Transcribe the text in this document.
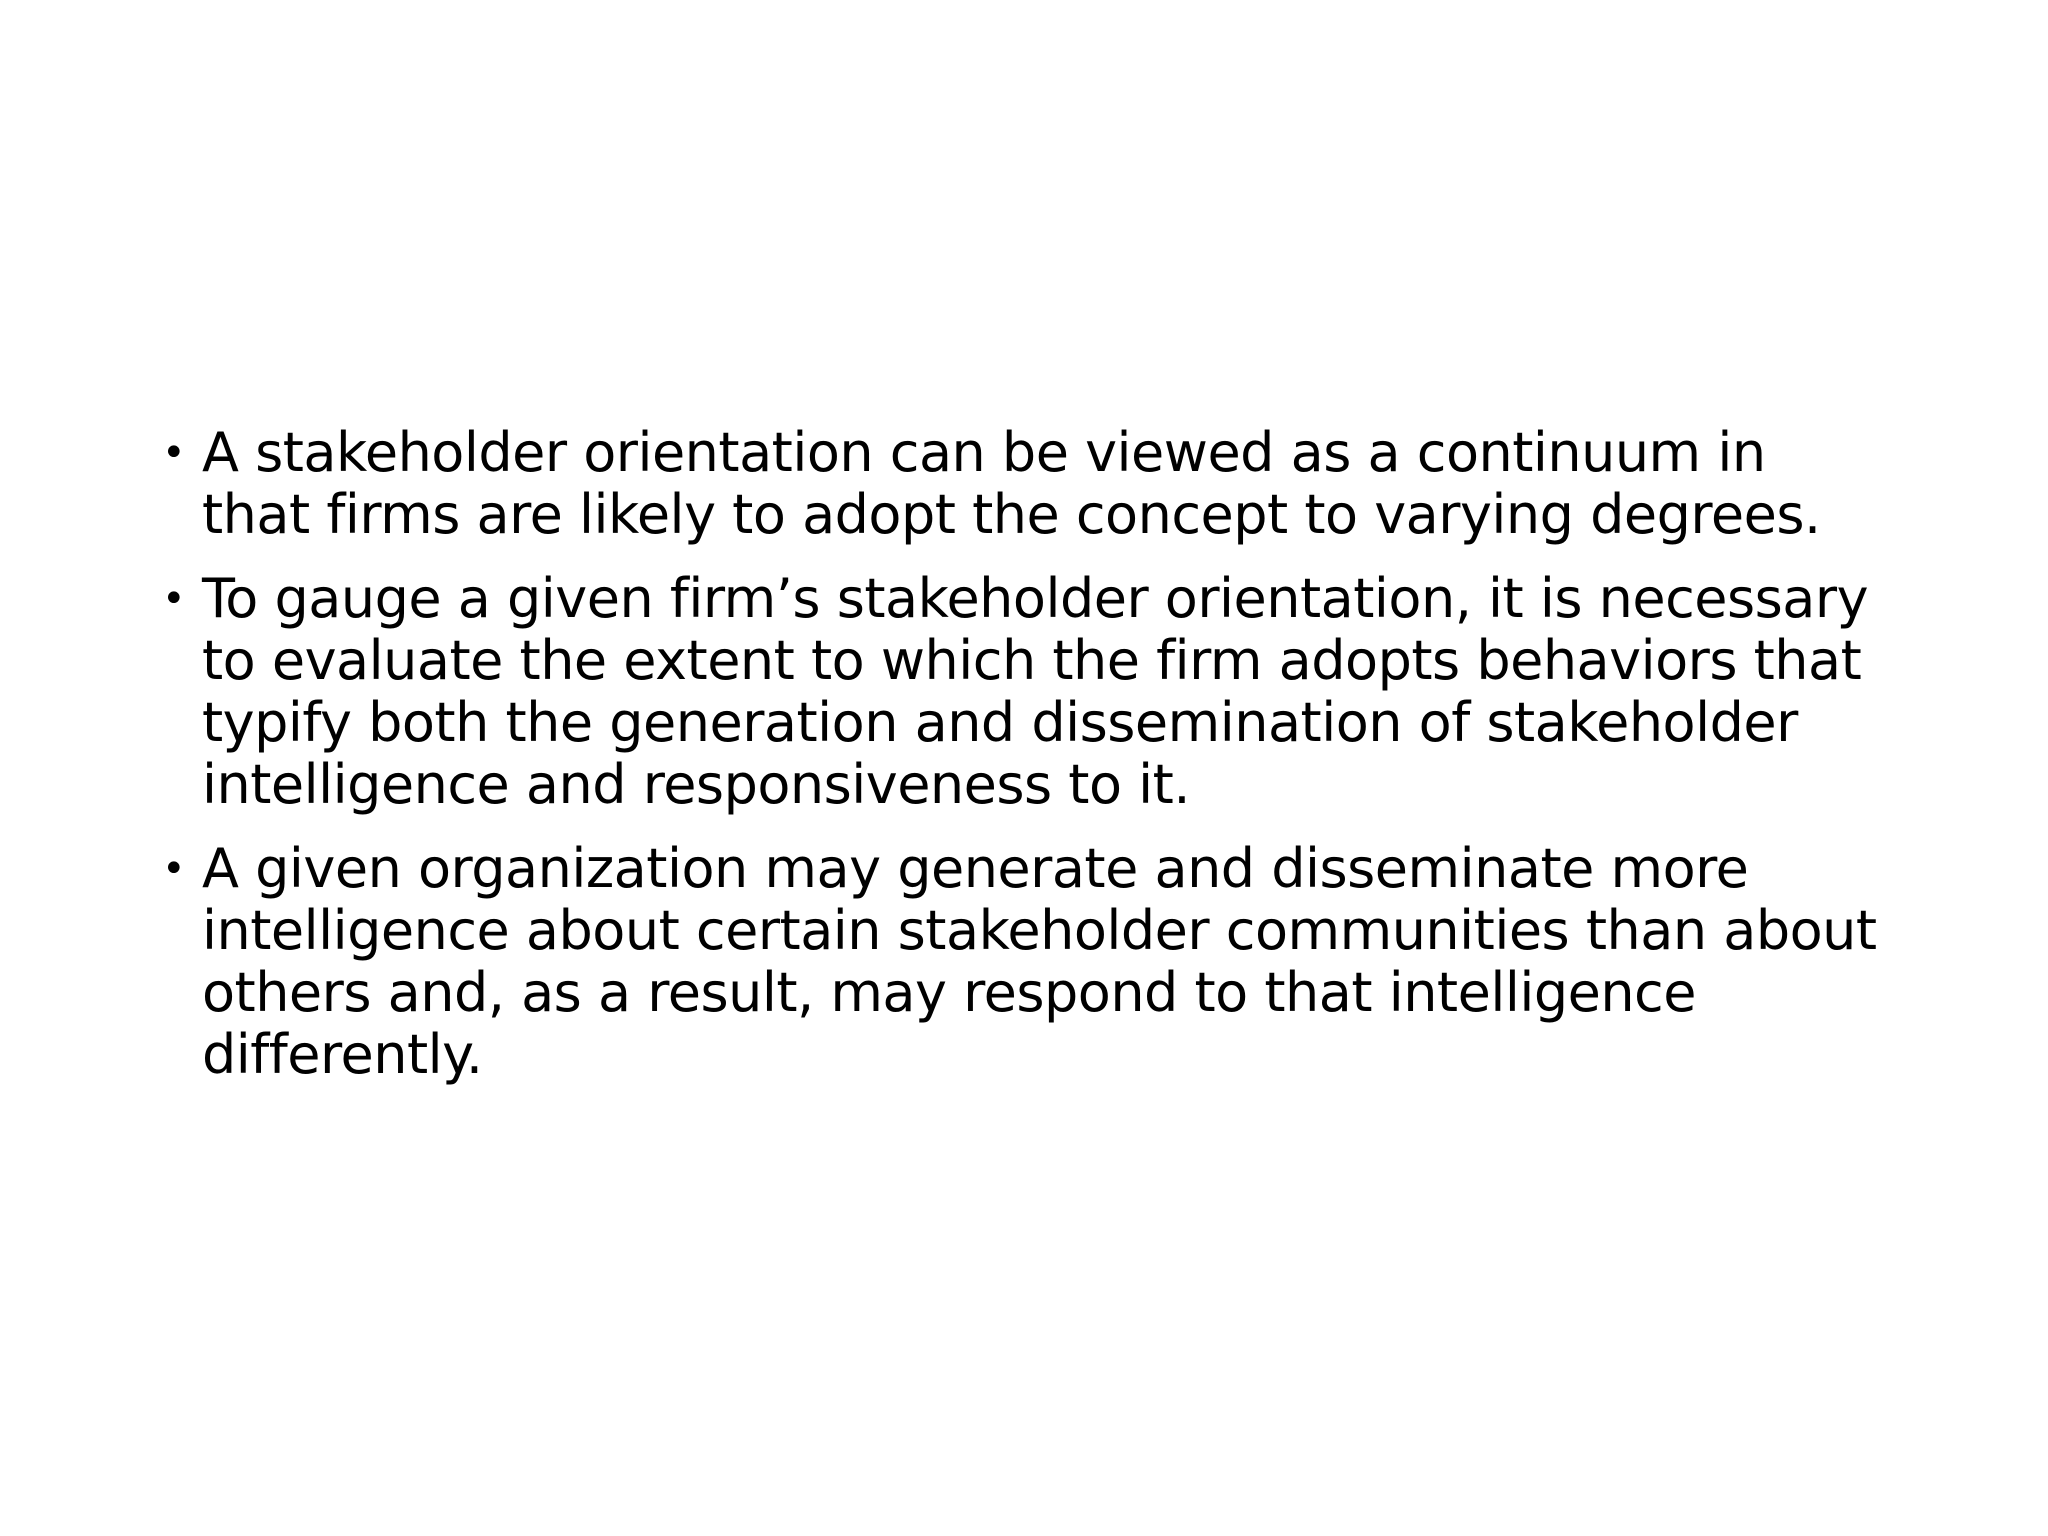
• A stakeholder orientation can be viewed as a continuum in that firms are likely to adopt the concept to varying degrees.
• To gauge a given firm’s stakeholder orientation, it is necessary to evaluate the extent to which the firm adopts behaviors that typify both the generation and dissemination of stakeholder intelligence and responsiveness to it.
• A given organization may generate and disseminate more intelligence about certain stakeholder communities than about others and, as a result, may respond to that intelligence differently.
